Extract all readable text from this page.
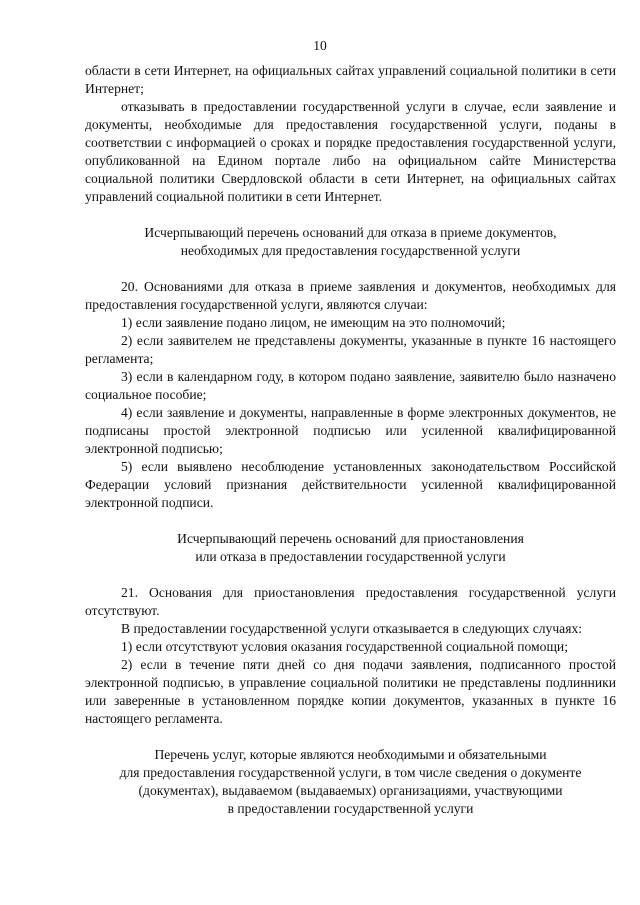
10

области в сети Интернет, на официальных сайтах управлений социальной политики в сети Интернет;

отказывать в предоставлении государственной услуги в случае, если заявление и документы, необходимые для предоставления государственной услуги, поданы в соответствии с информацией о сроках и порядке предоставления государственной услуги, опубликованной на Едином портале либо на официальном сайте Министерства социальной политики Свердловской области в сети Интернет, на официальных сайтах управлений социальной политики в сети Интернет.

Исчерпывающий перечень оснований для отказа в приеме документов,

необходимых для предоставления государственной услуги

20. Основаниями для отказа в приеме заявления и документов, необходимых для предоставления государственной услуги, являются случаи:

1) если заявление подано лицом, не имеющим на это полномочий;

2) если заявителем не представлены документы, указанные в пункте 16 настоящего регламента;

3) если в календарном году, в котором подано заявление, заявителю было назначено социальное пособие;

4) если заявление и документы, направленные в форме электронных документов, не подписаны простой электронной подписью или усиленной квалифицированной электронной подписью;

5) если выявлено несоблюдение установленных законодательством Российской Федерации условий признания действительности усиленной квалифицированной электронной подписи.

Исчерпывающий перечень оснований для приостановления

или отказа в предоставлении государственной услуги

21. Основания для приостановления предоставления государственной услуги отсутствуют.

В предоставлении государственной услуги отказывается в следующих случаях:

1) если отсутствуют условия оказания государственной социальной помощи;

2) если в течение пяти дней со дня подачи заявления, подписанного простой электронной подписью, в управление социальной политики не представлены подлинники или заверенные в установленном порядке копии документов, указанных в пункте 16 настоящего регламента.

Перечень услуг, которые являются необходимыми и обязательными

для предоставления государственной услуги, в том числе сведения о документе

(документах), выдаваемом (выдаваемых) организациями, участвующими

в предоставлении государственной услуги
